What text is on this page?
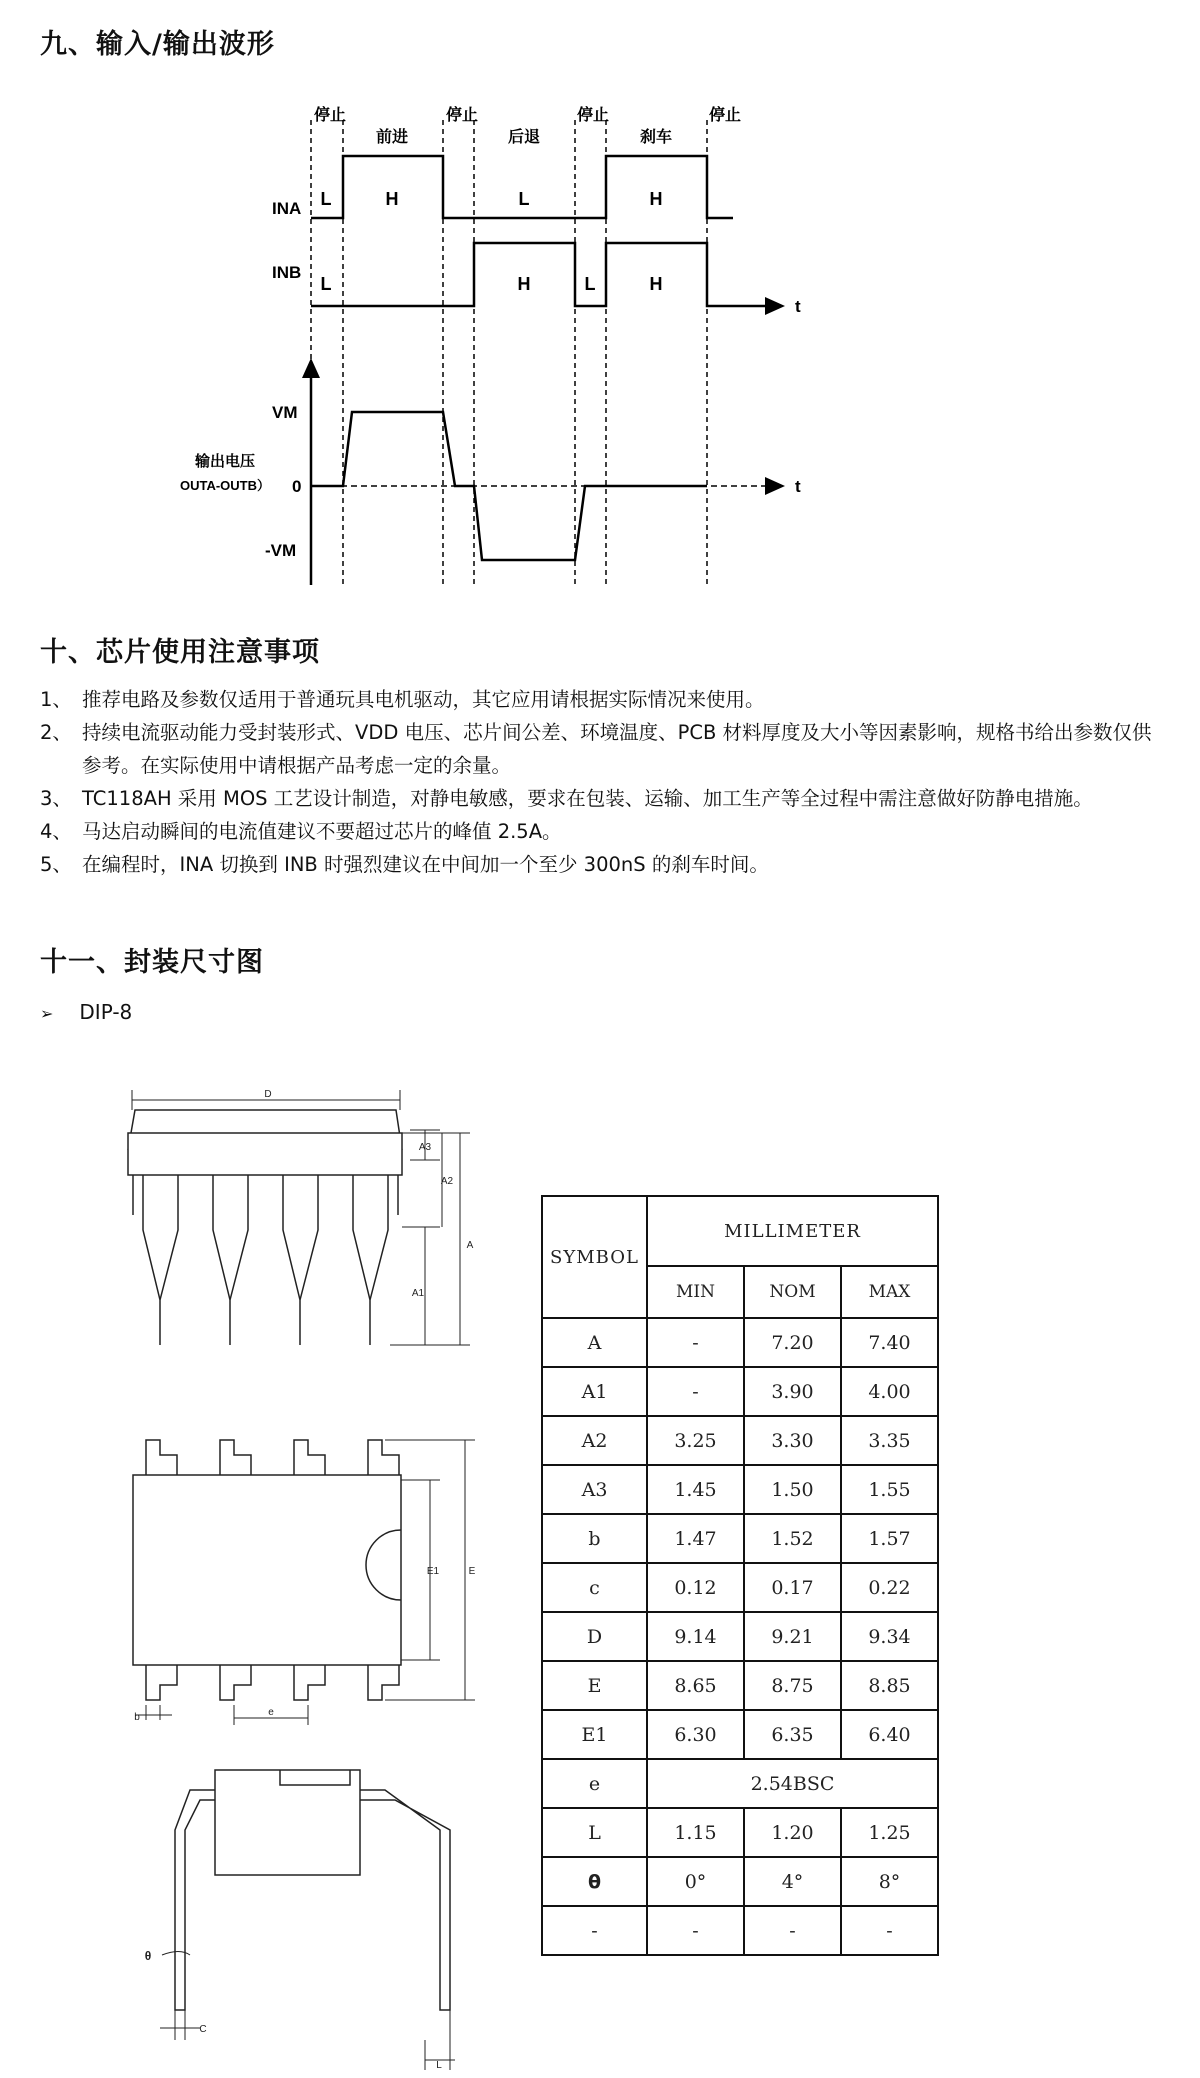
九、输入/输出波形
停止
前进
停止
后退
停止
刹车
停止
INA L	H	L	H
INB
t
L	H	L	H
t
VM
0
-VM
输出电压
OUTA-OUTB）
十、芯片使用注意事项
1、 推荐电路及参数仅适用于普通玩具电机驱动，其它应用请根据实际情况来使用。
2、 持续电流驱动能力受封装形式、VDD 电压、芯片间公差、环境温度、PCB 材料厚度及大小等因素影响，规格书给出参数仅供参考。在实际使用中请根据产品考虑一定的余量。
3、 TC118AH 采用 MOS 工艺设计制造，对静电敏感，要求在包装、运输、加工生产等全过程中需注意做好防静电措施。
4、 马达启动瞬间的电流值建议不要超过芯片的峰值 2.5A。
5、 在编程时，INA 切换到 INB 时强烈建议在中间加一个至少 300nS 的刹车时间。
十一、封装尺寸图
➢ DIP-8
D
A3
A2
A
A1
E1	E
b	e
θ
C
L
SYMBOL	MILLIMETER		
	MIN	NOM	MAX
A	-	7.20	7.40
A1	-	3.90	4.00
A2	3.25	3.30	3.35
A3	1.45	1.50	1.55
b	1.47	1.52	1.57
c	0.12	0.17	0.22
D	9.14	9.21	9.34
E	8.65	8.75	8.85
E1	6.30	6.35	6.40
e	2.54BSC		
L	1.15	1.20	1.25
θ	0°	4°	8°
-	-	-	-
